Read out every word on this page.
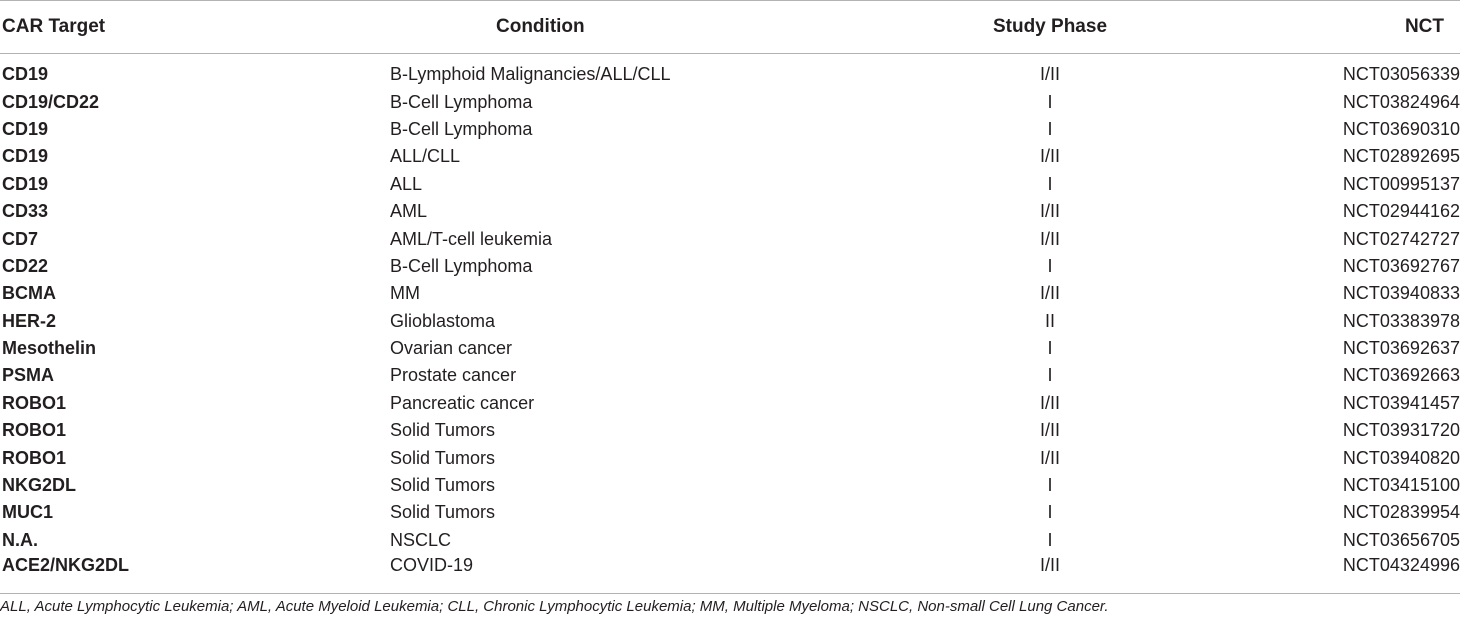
CAR Target	Condition	Study Phase	NCT

CD19	B-Lymphoid Malignancies/ALL/CLL	I/II	NCT03056339
CD19/CD22	B-Cell Lymphoma	I	NCT03824964
CD19	B-Cell Lymphoma	I	NCT03690310
CD19	ALL/CLL	I/II	NCT02892695
CD19	ALL	I	NCT00995137
CD33	AML	I/II	NCT02944162
CD7	AML/T-cell leukemia	I/II	NCT02742727
CD22	B-Cell Lymphoma	I	NCT03692767
BCMA	MM	I/II	NCT03940833
HER-2	Glioblastoma	II	NCT03383978
Mesothelin	Ovarian cancer	I	NCT03692637
PSMA	Prostate cancer	I	NCT03692663
ROBO1	Pancreatic cancer	I/II	NCT03941457
ROBO1	Solid Tumors	I/II	NCT03931720
ROBO1	Solid Tumors	I/II	NCT03940820
NKG2DL	Solid Tumors	I	NCT03415100
MUC1	Solid Tumors	I	NCT02839954
N.A.	NSCLC	I	NCT03656705
ACE2/NKG2DL	COVID-19	I/II	NCT04324996
ALL, Acute Lymphocytic Leukemia; AML, Acute Myeloid Leukemia; CLL, Chronic Lymphocytic Leukemia; MM, Multiple Myeloma; NSCLC, Non-small Cell Lung Cancer.
